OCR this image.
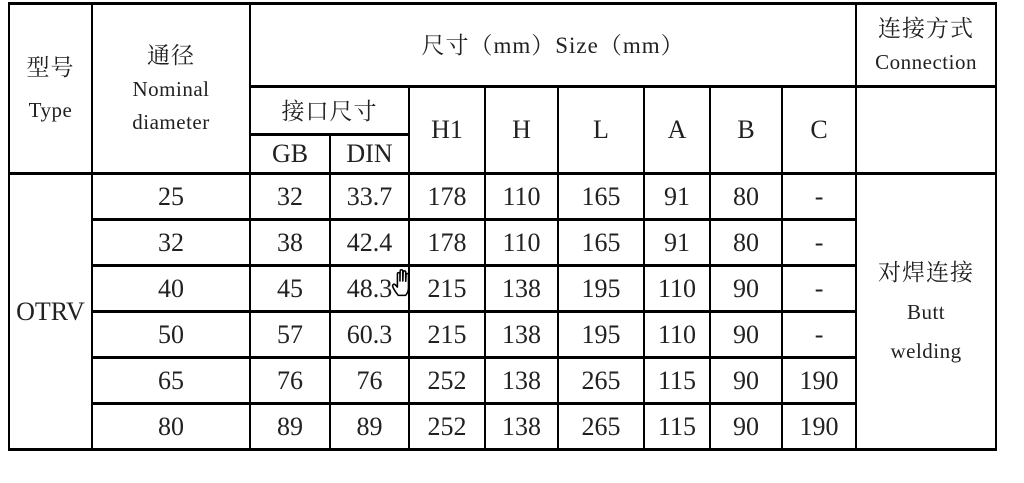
型号
Type	通径
Nominal
diameter	尺寸（mm）Size（mm）								连接方式
Connection

		接口尺寸		H1	H	L	A	B	C	
		GB	DIN							
OTRV	25	32	33.7	178	110	165	91	80	-	对焊连接
Butt
welding

	32	38	42.4	178	110	165	91	80	-	
	40	45	48.3	215	138	195	110	90	-	
	50	57	60.3	215	138	195	110	90	-	
	65	76	76	252	138	265	115	90	190	
	80	89	89	252	138	265	115	90	190	
